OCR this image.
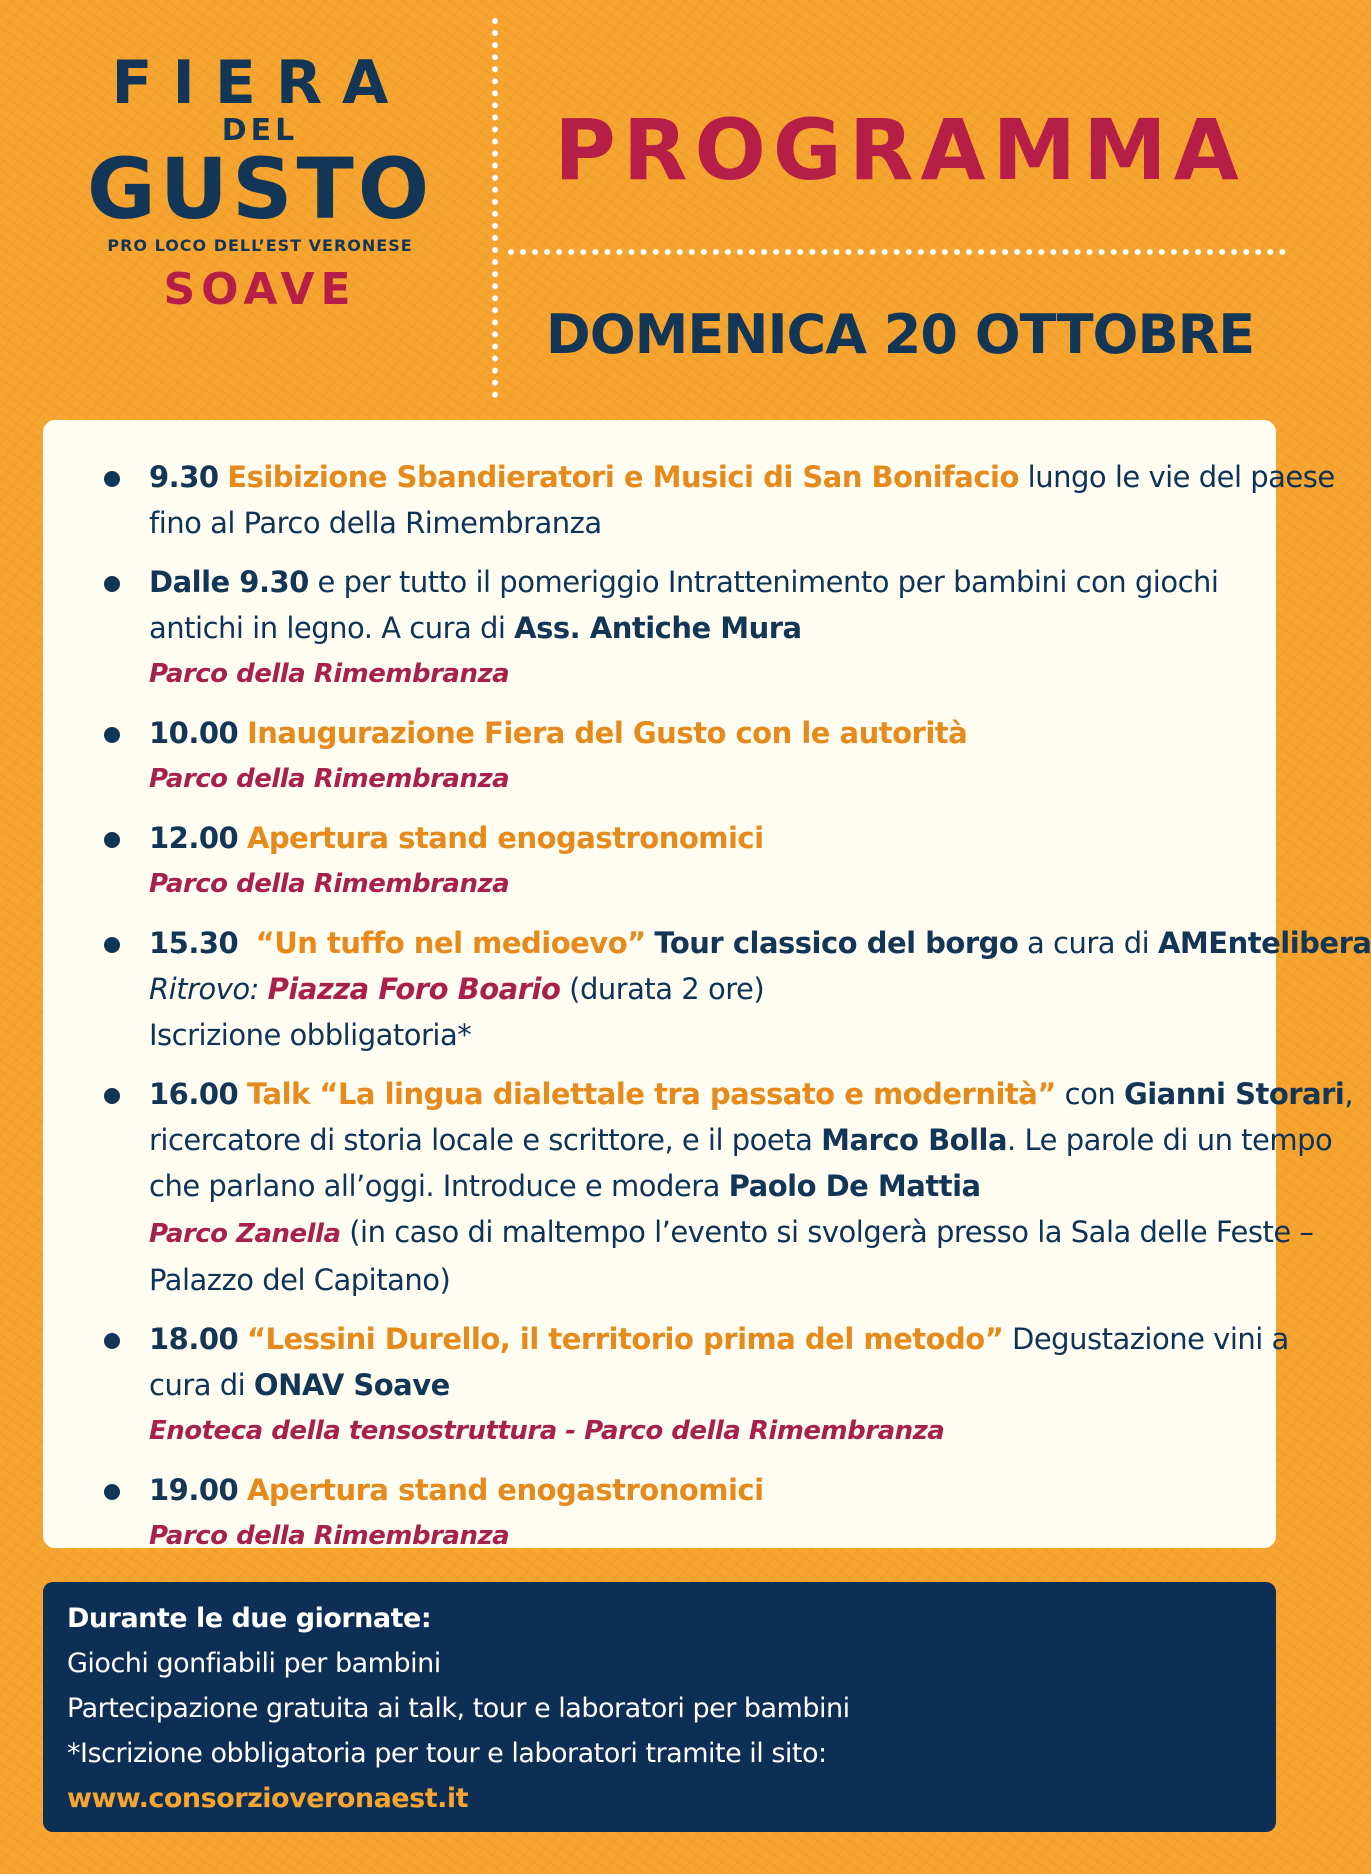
FIERA
DEL
GUSTO
PRO LOCO DELL’EST VERONESE
SOAVE
PROGRAMMA
DOMENICA 20 OTTOBRE
9.30 Esibizione Sbandieratori e Musici di San Bonifacio lungo le vie del paese
fino al Parco della Rimembranza
Dalle 9.30 e per tutto il pomeriggio Intrattenimento per bambini con giochi
antichi in legno. A cura di Ass. Antiche Mura
Parco della Rimembranza
10.00 Inaugurazione Fiera del Gusto con le autorità
Parco della Rimembranza
12.00 Apertura stand enogastronomici
Parco della Rimembranza
15.30 “Un tuffo nel medioevo” Tour classico del borgo a cura di AMEntelibera
Ritrovo: Piazza Foro Boario (durata 2 ore)
Iscrizione obbligatoria*
16.00 Talk “La lingua dialettale tra passato e modernità” con Gianni Storari,
ricercatore di storia locale e scrittore, e il poeta Marco Bolla. Le parole di un tempo
che parlano all’oggi. Introduce e modera Paolo De Mattia
Parco Zanella (in caso di maltempo l’evento si svolgerà presso la Sala delle Feste –
Palazzo del Capitano)
18.00 “Lessini Durello, il territorio prima del metodo” Degustazione vini a
cura di ONAV Soave
Enoteca della tensostruttura - Parco della Rimembranza
19.00 Apertura stand enogastronomici
Parco della Rimembranza
Durante le due giornate:
Giochi gonfiabili per bambini
Partecipazione gratuita ai talk, tour e laboratori per bambini
*Iscrizione obbligatoria per tour e laboratori tramite il sito:
www.consorzioveronaest.it
